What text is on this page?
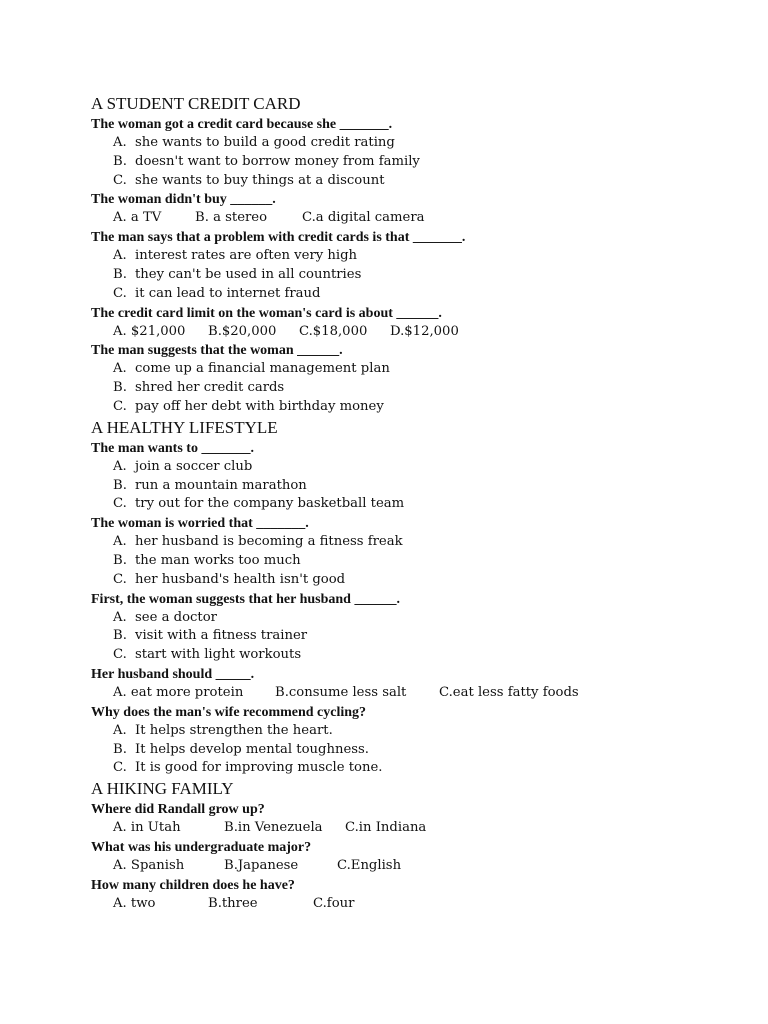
A STUDENT CREDIT CARD
The woman got a credit card because she _______.
A. she wants to build a good credit rating
B. doesn't want to borrow money from family
C. she wants to buy things at a discount
The woman didn't buy ______.
A. a TV	B. a stereo	C.a digital camera
The man says that a problem with credit cards is that _______.
A. interest rates are often very high
B. they can't be used in all countries
C. it can lead to internet fraud
The credit card limit on the woman's card is about ______.
A. $21,000 B.$20,000 C.$18,000 D.$12,000
The man suggests that the woman ______.
A. come up a financial management plan
B. shred her credit cards
C. pay off her debt with birthday money
A HEALTHY LIFESTYLE
The man wants to _______.
A. join a soccer club
B. run a mountain marathon
C. try out for the company basketball team
The woman is worried that _______.
A. her husband is becoming a fitness freak
B. the man works too much
C. her husband's health isn't good
First, the woman suggests that her husband ______.
A. see a doctor
B. visit with a fitness trainer
C. start with light workouts
Her husband should _____.
A. eat more protein B.consume less salt C.eat less fatty foods
Why does the man's wife recommend cycling?
A. It helps strengthen the heart.
B. It helps develop mental toughness.
C. It is good for improving muscle tone.
A HIKING FAMILY
Where did Randall grow up?
A. in Utah	B.in Venezuela C.in Indiana
What was his undergraduate major?
A. Spanish	B.Japanese	C.English
How many children does he have?
A. two	B.three	C.four
